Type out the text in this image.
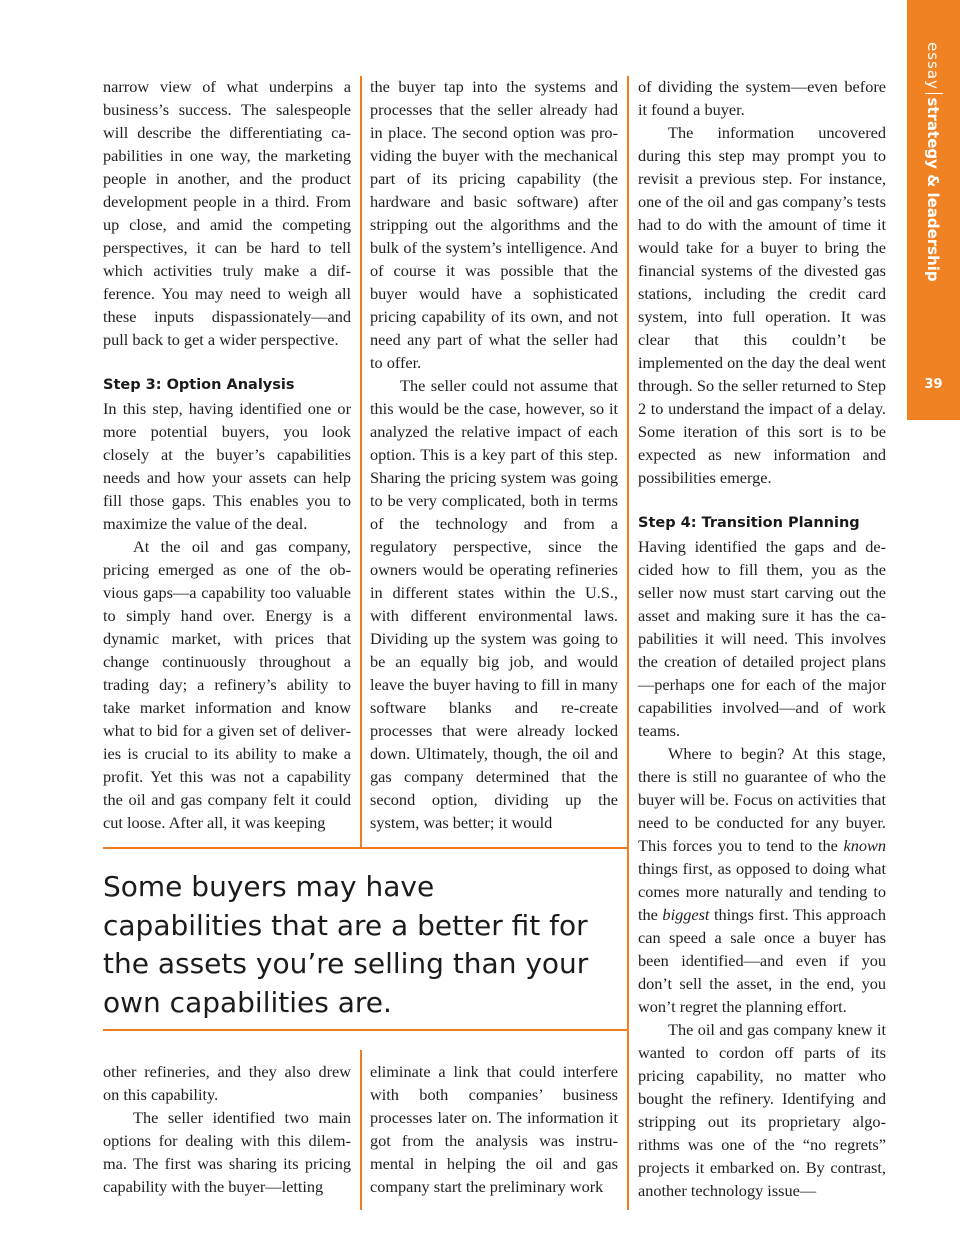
essaystrategy & leadership
39

narrow view of what underpins a business’s success. The salespeople will describe the differentiating capabilities in one way, the marketing people in another, and the product development people in a third. From up close, and amid the competing perspectives, it can be hard to tell which activities truly make a difference. You may need to weigh all these inputs dispassionately—and pull back to get a wider perspective.

Step 3: Option Analysis

In this step, having identified one or more potential buyers, you look closely at the buyer’s capabilities needs and how your assets can help fill those gaps. This enables you to maximize the value of the deal.

At the oil and gas company, pricing emerged as one of the obvious gaps—a capability too valuable to simply hand over. Energy is a dynamic market, with prices that change continuously throughout a trading day; a refinery’s ability to take market information and know what to bid for a given set of deliveries is crucial to its ability to make a profit. Yet this was not a capability the oil and gas company felt it could cut loose. After all, it was keeping

the buyer tap into the systems and processes that the seller already had in place. The second option was providing the buyer with the mechanical part of its pricing capability (the hardware and basic software) after stripping out the algorithms and the bulk of the system’s intelligence. And of course it was possible that the buyer would have a sophisticated pricing capability of its own, and not need any part of what the seller had to offer.

The seller could not assume that this would be the case, however, so it analyzed the relative impact of each option. This is a key part of this step. Sharing the pricing system was going to be very complicated, both in terms of the technology and from a regulatory perspective, since the owners would be operating refineries in different states within the U.S., with different environmental laws. Dividing up the system was going to be an equally big job, and would leave the buyer having to fill in many software blanks and re-create processes that were already locked down. Ultimately, though, the oil and gas company determined that the second option, dividing up the system, was better; it would

of dividing the system—even before it found a buyer.

The information uncovered during this step may prompt you to revisit a previous step. For instance, one of the oil and gas company’s tests had to do with the amount of time it would take for a buyer to bring the financial systems of the divested gas stations, including the credit card system, into full operation. It was clear that this couldn’t be implemented on the day the deal went through. So the seller returned to Step 2 to understand the impact of a delay. Some iteration of this sort is to be expected as new information and possibilities emerge.

Step 4: Transition Planning

Having identified the gaps and decided how to fill them, you as the seller now must start carving out the asset and making sure it has the capabilities it will need. This involves the creation of detailed project plans—perhaps one for each of the major capabilities involved—and of work teams.

Where to begin? At this stage, there is still no guarantee of who the buyer will be. Focus on activities that need to be conducted for any buyer. This forces you to tend to the known things first, as opposed to doing what comes more naturally and tending to the biggest things first. This approach can speed a sale once a buyer has been identified—and even if you don’t sell the asset, in the end, you won’t regret the planning effort.

The oil and gas company knew it wanted to cordon off parts of its pricing capability, no matter who bought the refinery. Identifying and stripping out its proprietary algorithms was one of the “no regrets” projects it embarked on. By contrast, another technology issue—

Some buyers may have capabilities that are a better fit for the assets you’re selling than your own capabilities are.

other refineries, and they also drew on this capability.

The seller identified two main options for dealing with this dilemma. The first was sharing its pricing capability with the buyer—letting

eliminate a link that could interfere with both companies’ business processes later on. The information it got from the analysis was instrumental in helping the oil and gas company start the preliminary work
